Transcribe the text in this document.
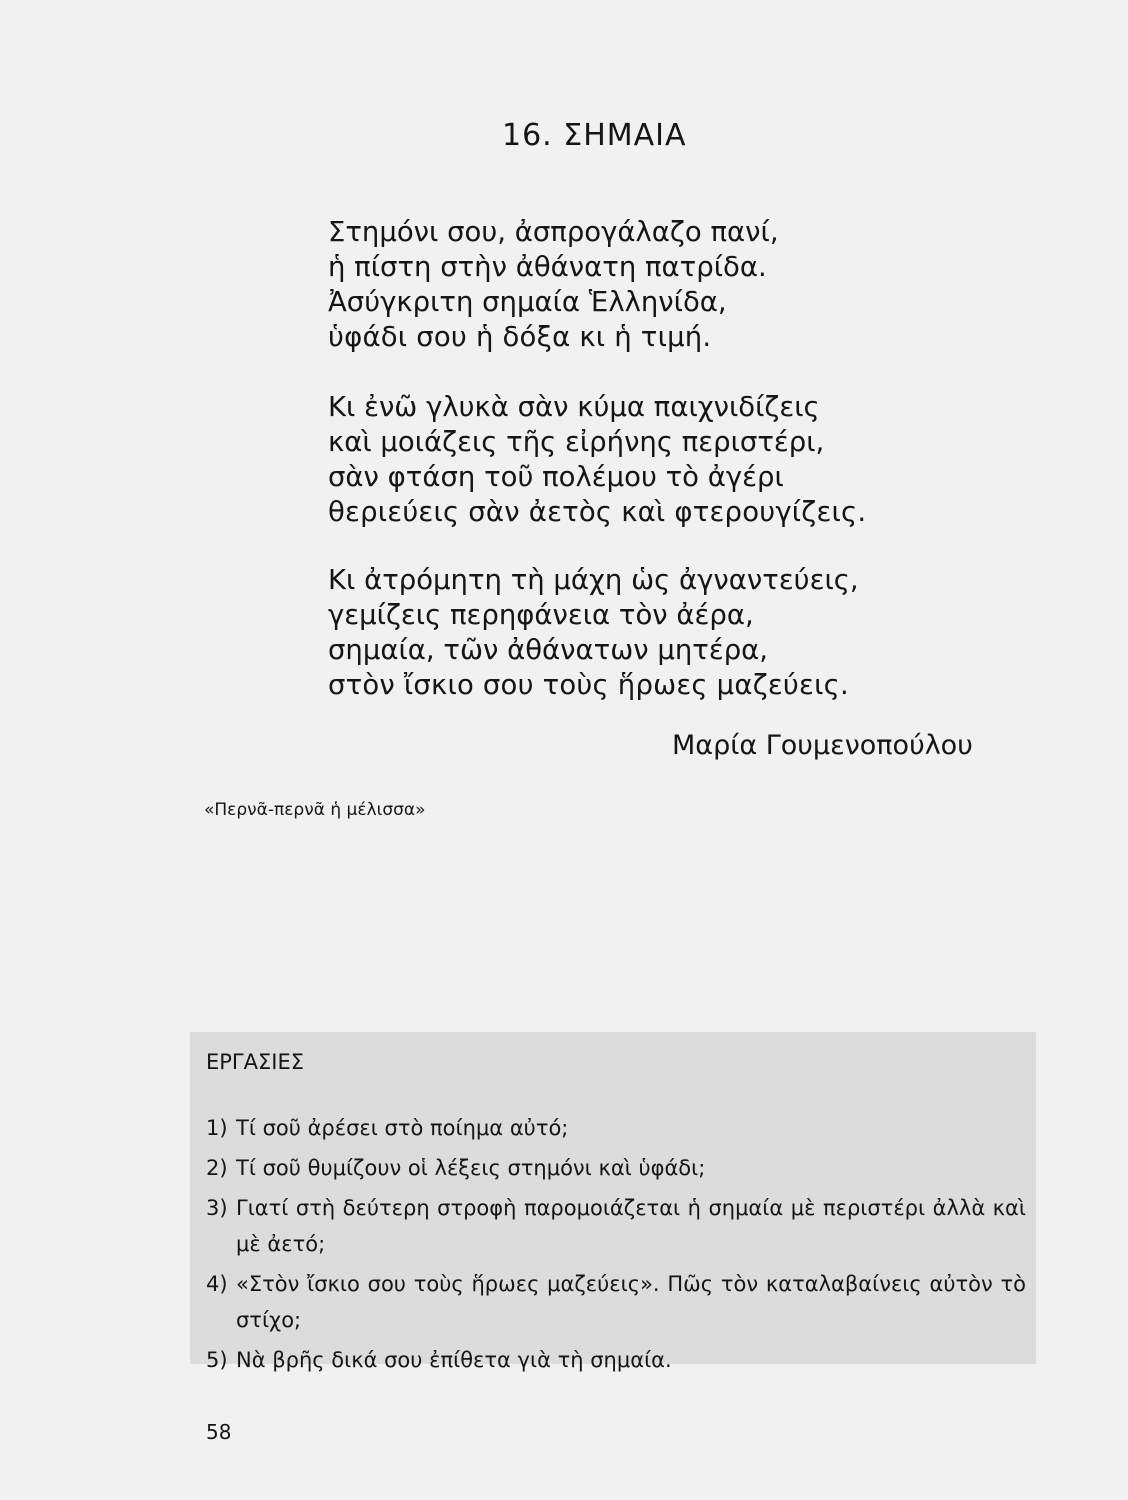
16. ΣΗΜΑΙΑ
Στημόνι σου, ἀσπρογάλαζο πανί,
ἡ πίστη στὴν ἀθάνατη πατρίδα.
Ἀσύγκριτη σημαία Ἑλληνίδα,
ὑφάδι σου ἡ δόξα κι ἡ τιμή.
Κι ἐνῶ γλυκὰ σὰν κύμα παιχνιδίζεις
καὶ μοιάζεις τῆς εἰρήνης περιστέρι,
σὰν φτάση τοῦ πολέμου τὸ ἀγέρι
θεριεύεις σὰν ἀετὸς καὶ φτερουγίζεις.
Κι ἀτρόμητη τὴ μάχη ὡς ἀγναντεύεις,
γεμίζεις περηφάνεια τὸν ἀέρα,
σημαία, τῶν ἀθάνατων μητέρα,
στὸν ἴσκιο σου τοὺς ἥρωες μαζεύεις.
Μαρία Γουμενοπούλου
«Περνᾶ-περνᾶ ἡ μέλισσα»
ΕΡΓΑΣΙΕΣ
1) Τί σοῦ ἀρέσει στὸ ποίημα αὐτό;
2) Τί σοῦ θυμίζουν οἱ λέξεις στημόνι καὶ ὑφάδι;
3) Γιατί στὴ δεύτερη στροφὴ παρομοιάζεται ἡ σημαία μὲ περιστέρι ἀλλὰ καὶ μὲ ἀετό;
4) «Στὸν ἴσκιο σου τοὺς ἥρωες μαζεύεις». Πῶς τὸν καταλαβαίνεις αὐτὸν τὸ στίχο;
5) Νὰ βρῆς δικά σου ἐπίθετα γιὰ τὴ σημαία.
58
